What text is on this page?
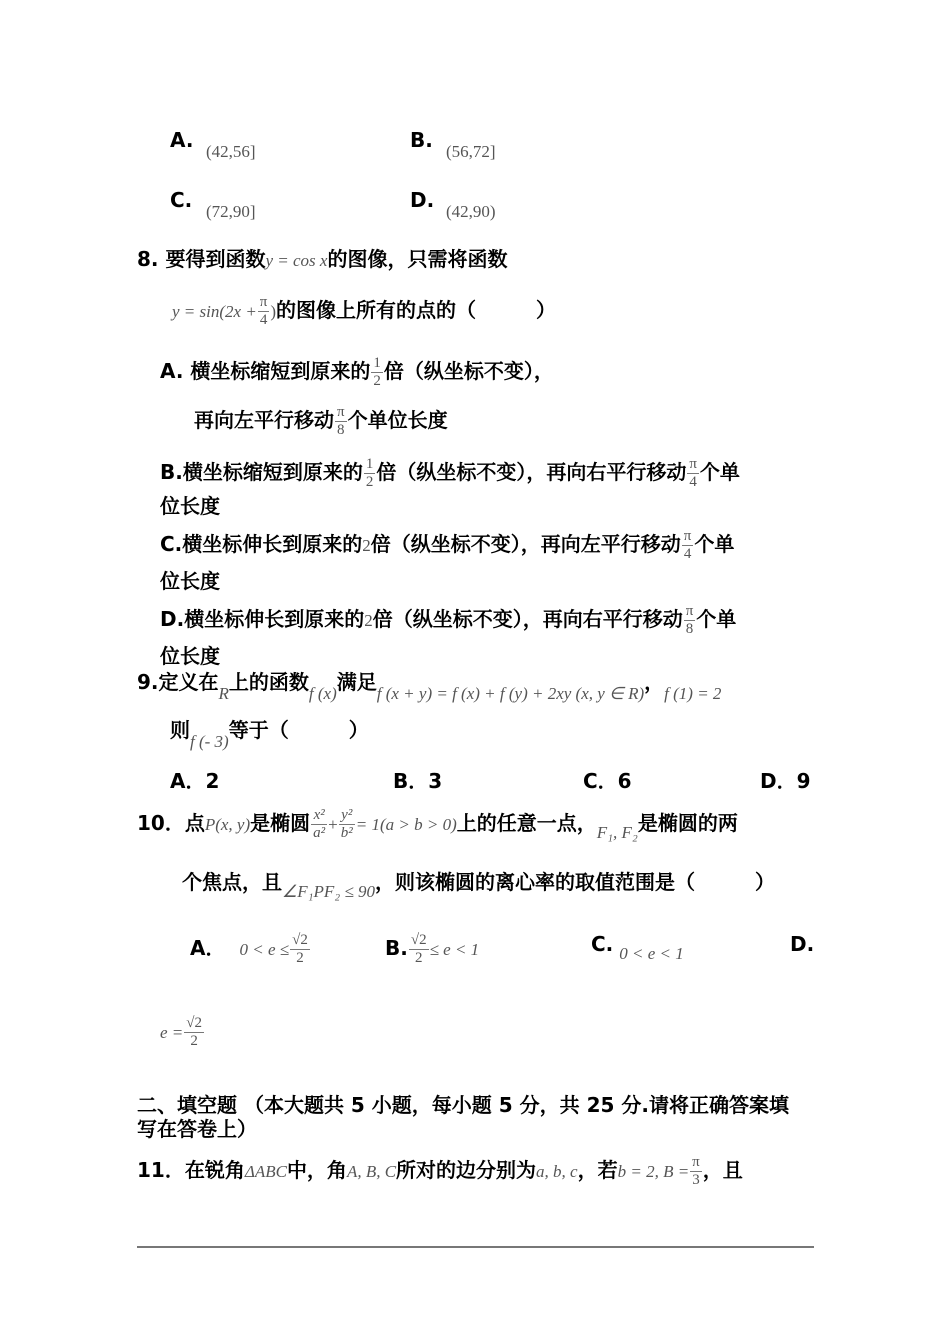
A. (42,56]	B. (56,72]
C. (72,90]	D. (42,90)
8. 要得到函数y = cos x的图像，只需将函数
$y = \sin(2x + \frac{\pi}{4}$ )的图像上所有的点的（　　　）
A. 横坐标缩短到原来的 $\frac{1}{2}$ 倍（纵坐标不变），
再向左平行移动 $\frac{\pi}{8}$ 个单位长度
B.横坐标缩短到原来的 $\frac{1}{2}$ 倍（纵坐标不变），再向右平行移动 $\frac{\pi}{4}$ 个单
位长度
C.横坐标伸长到原来的2倍（纵坐标不变），再向左平行移动 $\frac{\pi}{4}$ 个单
位长度
D.横坐标伸长到原来的2倍（纵坐标不变），再向右平行移动 $\frac{\pi}{8}$ 个单
位长度
9.定义在$_R$上的函数$_{f (x)}$满足$_{f (x + y) = f (x) + f (y) + 2xy (x, y \in R)}$，$_{f (1) = 2}$
则$_{f (- 3)}$等于（　　　）
A．2	B．3	C．6	D．9
10．点P(x, y)是椭圆 $\frac{\text{x²}}{\text{a²}} + \frac{\text{y²}}{\text{b²}} = 1(a > b > 0)$上的任意一点，$_{F_1, F_2}$是椭圆的两
个焦点，且$_{\angle F_1PF_2 \le 90}$，则该椭圆的离心率的取值范围是（　　　）
A． $0 < e \le \frac{√2}{2}$	B. $\frac{√2}{2} \le e < 1$	C. $_{0 < e < 1}$	D.
$e = \frac{√2}{2}$
二、填空题 （本大题共 5 小题，每小题 5 分，共 25 分.请将正确答案填
写在答卷上）
11．在锐角ΔABC中，角A, B, C所对的边分别为a, b, c，若b = 2, $B = \frac{\pi}{3}$ ，且
